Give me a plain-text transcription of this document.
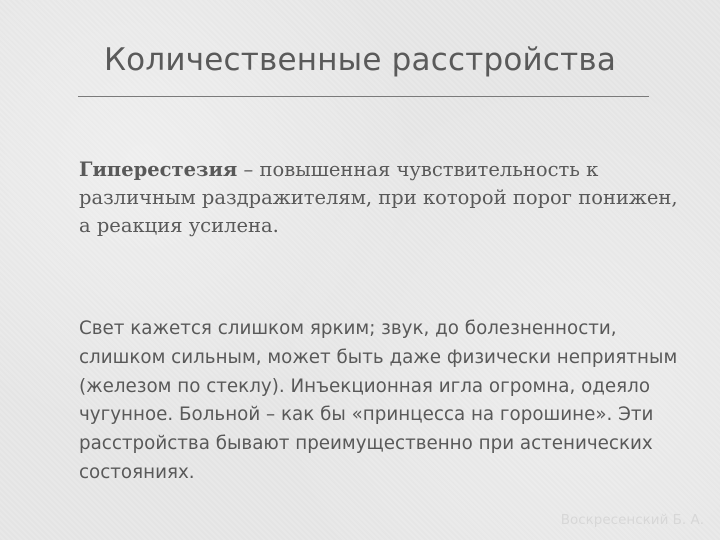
Количественные расстройства
Гиперестезия – повышенная чувствительность к различным раздражителям, при которой порог понижен, а реакция усилена.
Свет кажется слишком ярким; звук, до болезненности, слишком сильным, может быть даже физически неприятным (железом по стеклу). Инъекционная игла огромна, одеяло чугунное. Больной – как бы «принцесса на горошине». Эти расстройства бывают преимущественно при астенических состояниях.
Воскресенский Б. А.
